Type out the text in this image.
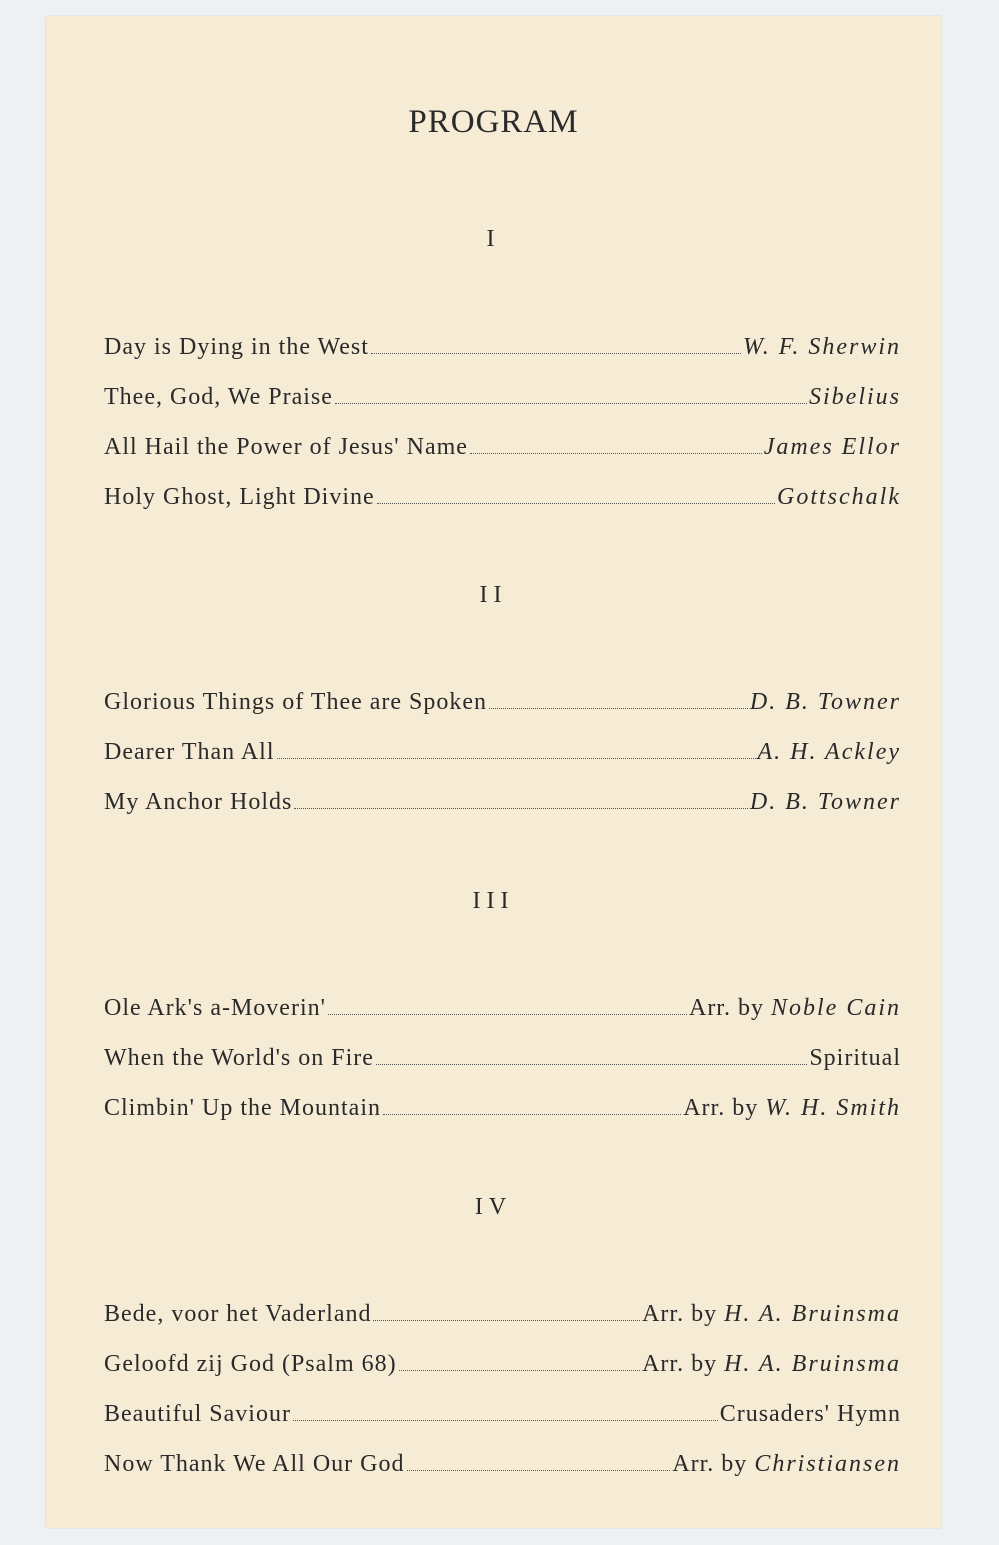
PROGRAM
I
Day is Dying in the West	W. F. Sherwin
Thee, God, We Praise	Sibelius
All Hail the Power of Jesus' Name	James Ellor
Holy Ghost, Light Divine	Gottschalk
II
Glorious Things of Thee are Spoken	D. B. Towner
Dearer Than All	A. H. Ackley
My Anchor Holds	D. B. Towner
III
Ole Ark's a-Moverin'	Arr. by Noble Cain
When the World's on Fire	Spiritual
Climbin' Up the Mountain	Arr. by W. H. Smith
IV
Bede, voor het Vaderland	Arr. by H. A. Bruinsma
Geloofd zij God (Psalm 68)	Arr. by H. A. Bruinsma
Beautiful Saviour	Crusaders' Hymn
Now Thank We All Our God	Arr. by Christiansen
